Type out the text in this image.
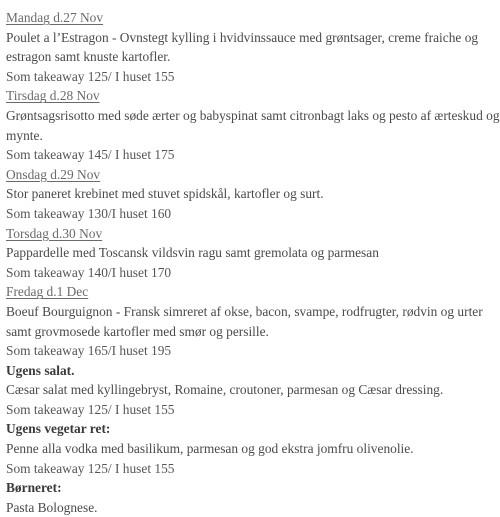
Mandag d.27 Nov
Poulet a l’Estragon - Ovnstegt kylling i hvidvinssauce med grøntsager, creme fraiche og
estragon samt knuste kartofler.
Som takeaway 125/ I huset 155
Tirsdag d.28 Nov
Grøntsagsrisotto med søde ærter og babyspinat samt citronbagt laks og pesto af ærteskud og
mynte.
Som takeaway 145/ I huset 175
Onsdag d.29 Nov
Stor paneret krebinet med stuvet spidskål, kartofler og surt.
Som takeaway 130/I huset 160
Torsdag d.30 Nov
Pappardelle med Toscansk vildsvin ragu samt gremolata og parmesan
Som takeaway 140/I huset 170
Fredag d.1 Dec
Boeuf Bourguignon - Fransk simreret af okse, bacon, svampe, rodfrugter, rødvin og urter
samt grovmosede kartofler med smør og persille.
Som takeaway 165/I huset 195
Ugens salat.
Cæsar salat med kyllingebryst, Romaine, croutoner, parmesan og Cæsar dressing.
Som takeaway 125/ I huset 155
Ugens vegetar ret:
Penne alla vodka med basilikum, parmesan og god ekstra jomfru olivenolie.
Som takeaway 125/ I huset 155
Børneret:
Pasta Bolognese.
